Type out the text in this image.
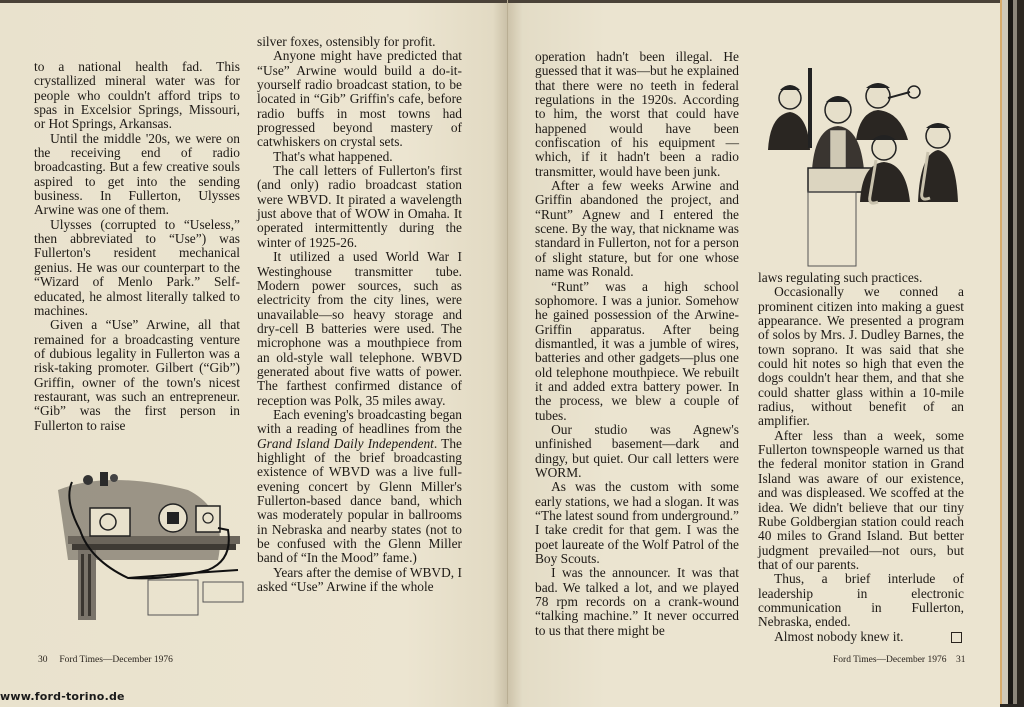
to a national health fad. This crystallized mineral water was for people who couldn't afford trips to spas in Excelsior Springs, Missouri, or Hot Springs, Arkansas.

Until the middle '20s, we were on the receiving end of radio broadcasting. But a few creative souls aspired to get into the sending business. In Fullerton, Ulysses Arwine was one of them.

Ulysses (corrupted to “Useless,” then abbreviated to “Use”) was Fullerton's resident mechanical genius. He was our counterpart to the “Wizard of Menlo Park.” Self-educated, he almost literally talked to machines.

Given a “Use” Arwine, all that remained for a broadcasting venture of dubious legality in Fullerton was a risk-taking promoter. Gilbert (“Gib”) Griffin, owner of the town's nicest restaurant, was such an entrepreneur. “Gib” was the first person in Fullerton to raise

silver foxes, ostensibly for profit.

Anyone might have predicted that “Use” Arwine would build a do-it-yourself radio broadcast station, to be located in “Gib” Griffin's cafe, before radio buffs in most towns had progressed beyond mastery of catwhiskers on crystal sets.

That's what happened.

The call letters of Fullerton's first (and only) radio broadcast station were WBVD. It pirated a wavelength just above that of WOW in Omaha. It operated intermittently during the winter of 1925-26.

It utilized a used World War I Westinghouse transmitter tube. Modern power sources, such as electricity from the city lines, were unavailable—so heavy storage and dry-cell B batteries were used. The microphone was a mouthpiece from an old-style wall telephone. WBVD generated about five watts of power. The farthest confirmed distance of reception was Polk, 35 miles away.

Each evening's broadcasting began with a reading of headlines from the Grand Island Daily Independent. The highlight of the brief broadcasting existence of WBVD was a live full-evening concert by Glenn Miller's Fullerton-based dance band, which was moderately popular in ballrooms in Nebraska and nearby states (not to be confused with the Glenn Miller band of “In the Mood” fame.)

Years after the demise of WBVD, I asked “Use” Arwine if the whole

operation hadn't been illegal. He guessed that it was—but he explained that there were no teeth in federal regulations in the 1920s. According to him, the worst that could have happened would have been confiscation of his equipment —which, if it hadn't been a radio transmitter, would have been junk.

After a few weeks Arwine and Griffin abandoned the project, and “Runt” Agnew and I entered the scene. By the way, that nickname was standard in Fullerton, not for a person of slight stature, but for one whose name was Ronald.

“Runt” was a high school sophomore. I was a junior. Somehow he gained possession of the Arwine-Griffin apparatus. After being dismantled, it was a jumble of wires, batteries and other gadgets—plus one old telephone mouthpiece. We rebuilt it and added extra battery power. In the process, we blew a couple of tubes.

Our studio was Agnew's unfinished basement—dark and dingy, but quiet. Our call letters were WORM.

As was the custom with some early stations, we had a slogan. It was “The latest sound from underground.” I take credit for that gem. I was the poet laureate of the Wolf Patrol of the Boy Scouts.

I was the announcer. It was that bad. We talked a lot, and we played 78 rpm records on a crank-wound “talking machine.” It never occurred to us that there might be

laws regulating such practices.

Occasionally we conned a prominent citizen into making a guest appearance. We presented a program of solos by Mrs. J. Dudley Barnes, the town soprano. It was said that she could hit notes so high that even the dogs couldn't hear them, and that she could shatter glass within a 10-mile radius, without benefit of an amplifier.

After less than a week, some Fullerton townspeople warned us that the federal monitor station in Grand Island was aware of our existence, and was displeased. We scoffed at the idea. We didn't believe that our tiny Rube Goldbergian station could reach 40 miles to Grand Island. But better judgment prevailed—not ours, but that of our parents.

Thus, a brief interlude of leadership in electronic communication in Fullerton, Nebraska, ended.

Almost nobody knew it.

30 Ford Times—December 1976	Ford Times—December 1976 31
www.ford-torino.de
